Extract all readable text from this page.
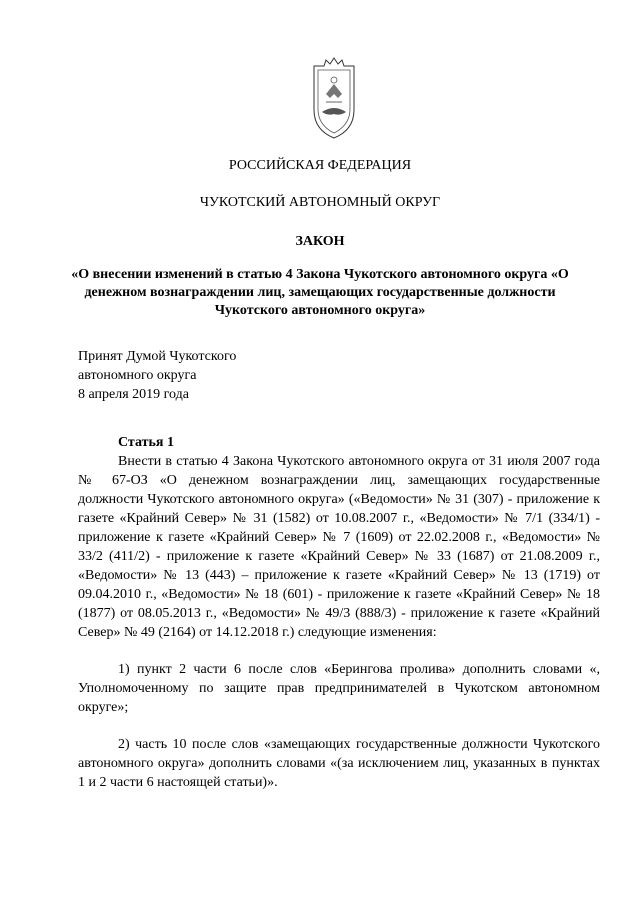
РОССИЙСКАЯ ФЕДЕРАЦИЯ
ЧУКОТСКИЙ АВТОНОМНЫЙ ОКРУГ
ЗАКОН
«О внесении изменений в статью 4 Закона Чукотского автономного округа «О денежном вознаграждении лиц, замещающих государственные должности Чукотского автономного округа»
Принят Думой Чукотского
автономного округа
8 апреля 2019 года

Статья 1

Внести в статью 4 Закона Чукотского автономного округа от 31 июля 2007 года № 67-ОЗ «О денежном вознаграждении лиц, замещающих государственные должности Чукотского автономного округа» («Ведомости» № 31 (307) - приложение к газете «Крайний Север» № 31 (1582) от 10.08.2007 г., «Ведомости» № 7/1 (334/1) - приложение к газете «Крайний Север» № 7 (1609) от 22.02.2008 г., «Ведомости» № 33/2 (411/2) - приложение к газете «Крайний Север» № 33 (1687) от 21.08.2009 г., «Ведомости» № 13 (443) – приложение к газете «Крайний Север» № 13 (1719) от 09.04.2010 г., «Ведомости» № 18 (601) - приложение к газете «Крайний Север» № 18 (1877) от 08.05.2013 г., «Ведомости» № 49/3 (888/3) - приложение к газете «Крайний Север» № 49 (2164) от 14.12.2018 г.) следующие изменения:

1) пункт 2 части 6 после слов «Берингова пролива» дополнить словами «, Уполномоченному по защите прав предпринимателей в Чукотском автономном округе»;

2) часть 10 после слов «замещающих государственные должности Чукотского автономного округа» дополнить словами «(за исключением лиц, указанных в пунктах 1 и 2 части 6 настоящей статьи)».
